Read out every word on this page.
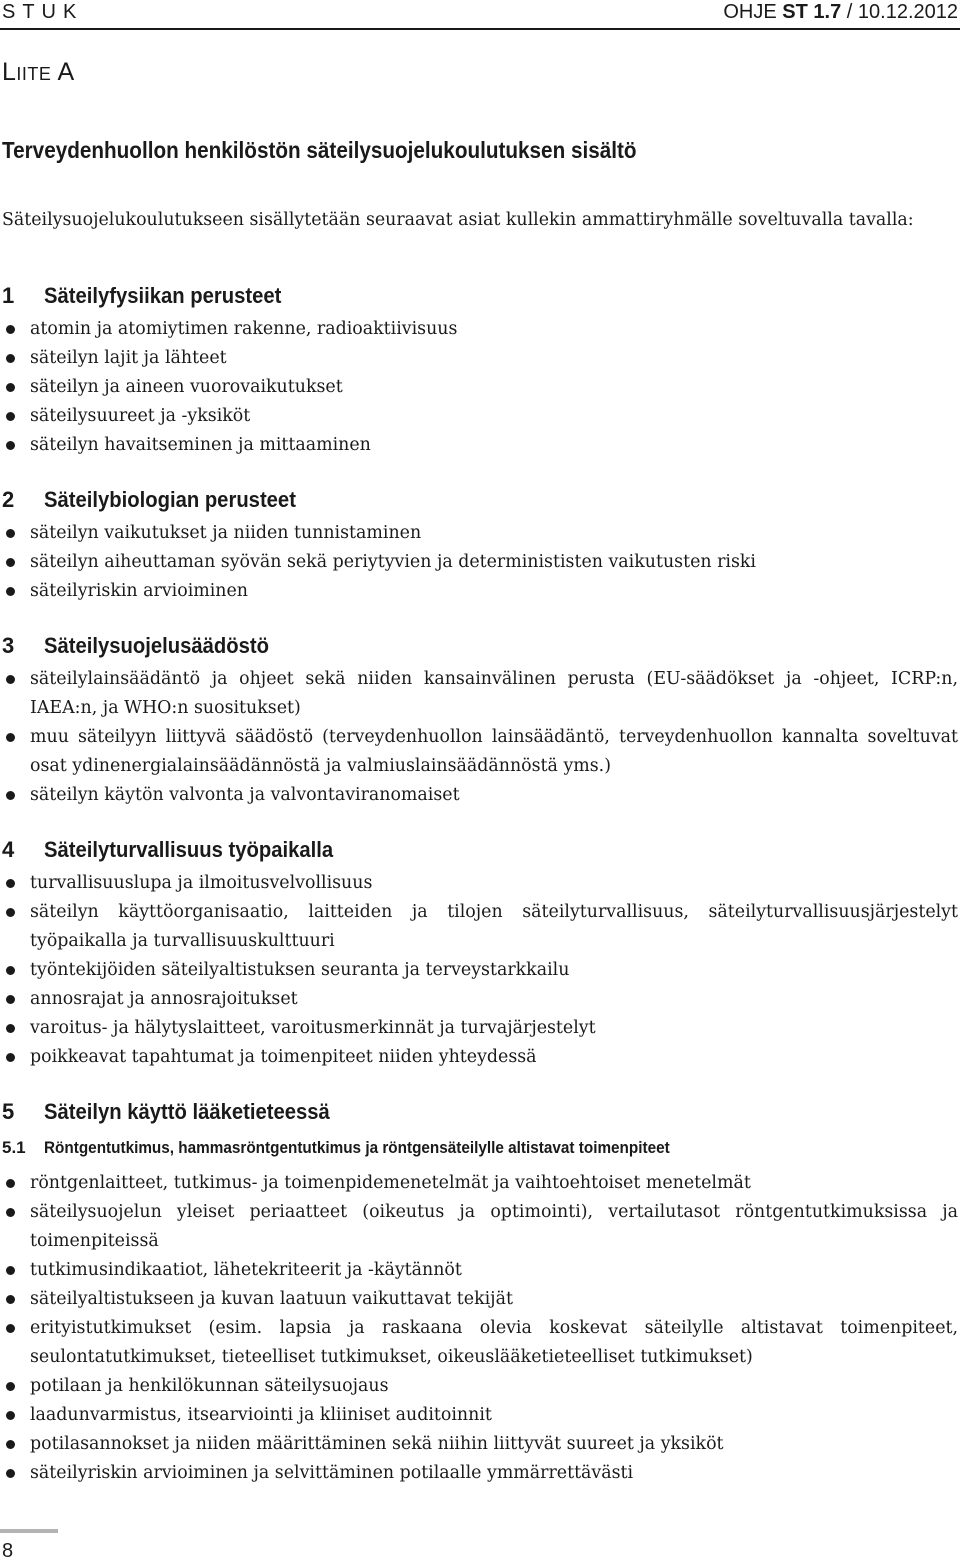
STUK	OHJE ST 1.7 / 10.12.2012
Liite A
Terveydenhuollon henkilöstön säteilysuojelukoulutuksen sisältö
Säteilysuojelukoulutukseen sisällytetään seuraavat asiat kullekin ammattiryhmälle soveltuvalla tavalla:
1	Säteilyfysiikan perusteet
atomin ja atomiytimen rakenne, radioaktiivisuus
säteilyn lajit ja lähteet
säteilyn ja aineen vuorovaikutukset
säteilysuureet ja -yksiköt
säteilyn havaitseminen ja mittaaminen
2	Säteilybiologian perusteet
säteilyn vaikutukset ja niiden tunnistaminen
säteilyn aiheuttaman syövän sekä periytyvien ja determinististen vaikutusten riski
säteilyriskin arvioiminen
3	Säteilysuojelusäädöstö
säteilylainsäädäntö ja ohjeet sekä niiden kansainvälinen perusta (EU-säädökset ja -ohjeet, ICRP:n, IAEA:n, ja WHO:n suositukset)
muu säteilyyn liittyvä säädöstö (terveydenhuollon lainsäädäntö, terveydenhuollon kannalta soveltuvat osat ydinenergialainsäädännöstä ja valmiuslainsäädännöstä yms.)
säteilyn käytön valvonta ja valvontaviranomaiset
4	Säteilyturvallisuus työpaikalla
turvallisuuslupa ja ilmoitusvelvollisuus
säteilyn käyttöorganisaatio, laitteiden ja tilojen säteilyturvallisuus, säteilyturvallisuusjärjestelyt työpaikalla ja turvallisuuskulttuuri
työntekijöiden säteilyaltistuksen seuranta ja terveystarkkailu
annosrajat ja annosrajoitukset
varoitus- ja hälytyslaitteet, varoitusmerkinnät ja turvajärjestelyt
poikkeavat tapahtumat ja toimenpiteet niiden yhteydessä
5	Säteilyn käyttö lääketieteessä
5.1	Röntgentutkimus, hammasröntgentutkimus ja röntgensäteilylle altistavat toimenpiteet
röntgenlaitteet, tutkimus- ja toimenpidemenetelmät ja vaihtoehtoiset menetelmät
säteilysuojelun yleiset periaatteet (oikeutus ja optimointi), vertailutasot röntgentutkimuksissa ja toimenpiteissä
tutkimusindikaatiot, lähetekriteerit ja -käytännöt
säteilyaltistukseen ja kuvan laatuun vaikuttavat tekijät
erityistutkimukset (esim. lapsia ja raskaana olevia koskevat säteilylle altistavat toimenpiteet, seulontatutkimukset, tieteelliset tutkimukset, oikeuslääketieteelliset tutkimukset)
potilaan ja henkilökunnan säteilysuojaus
laadunvarmistus, itsearviointi ja kliiniset auditoinnit
potilasannokset ja niiden määrittäminen sekä niihin liittyvät suureet ja yksiköt
säteilyriskin arvioiminen ja selvittäminen potilaalle ymmärrettävästi
8
